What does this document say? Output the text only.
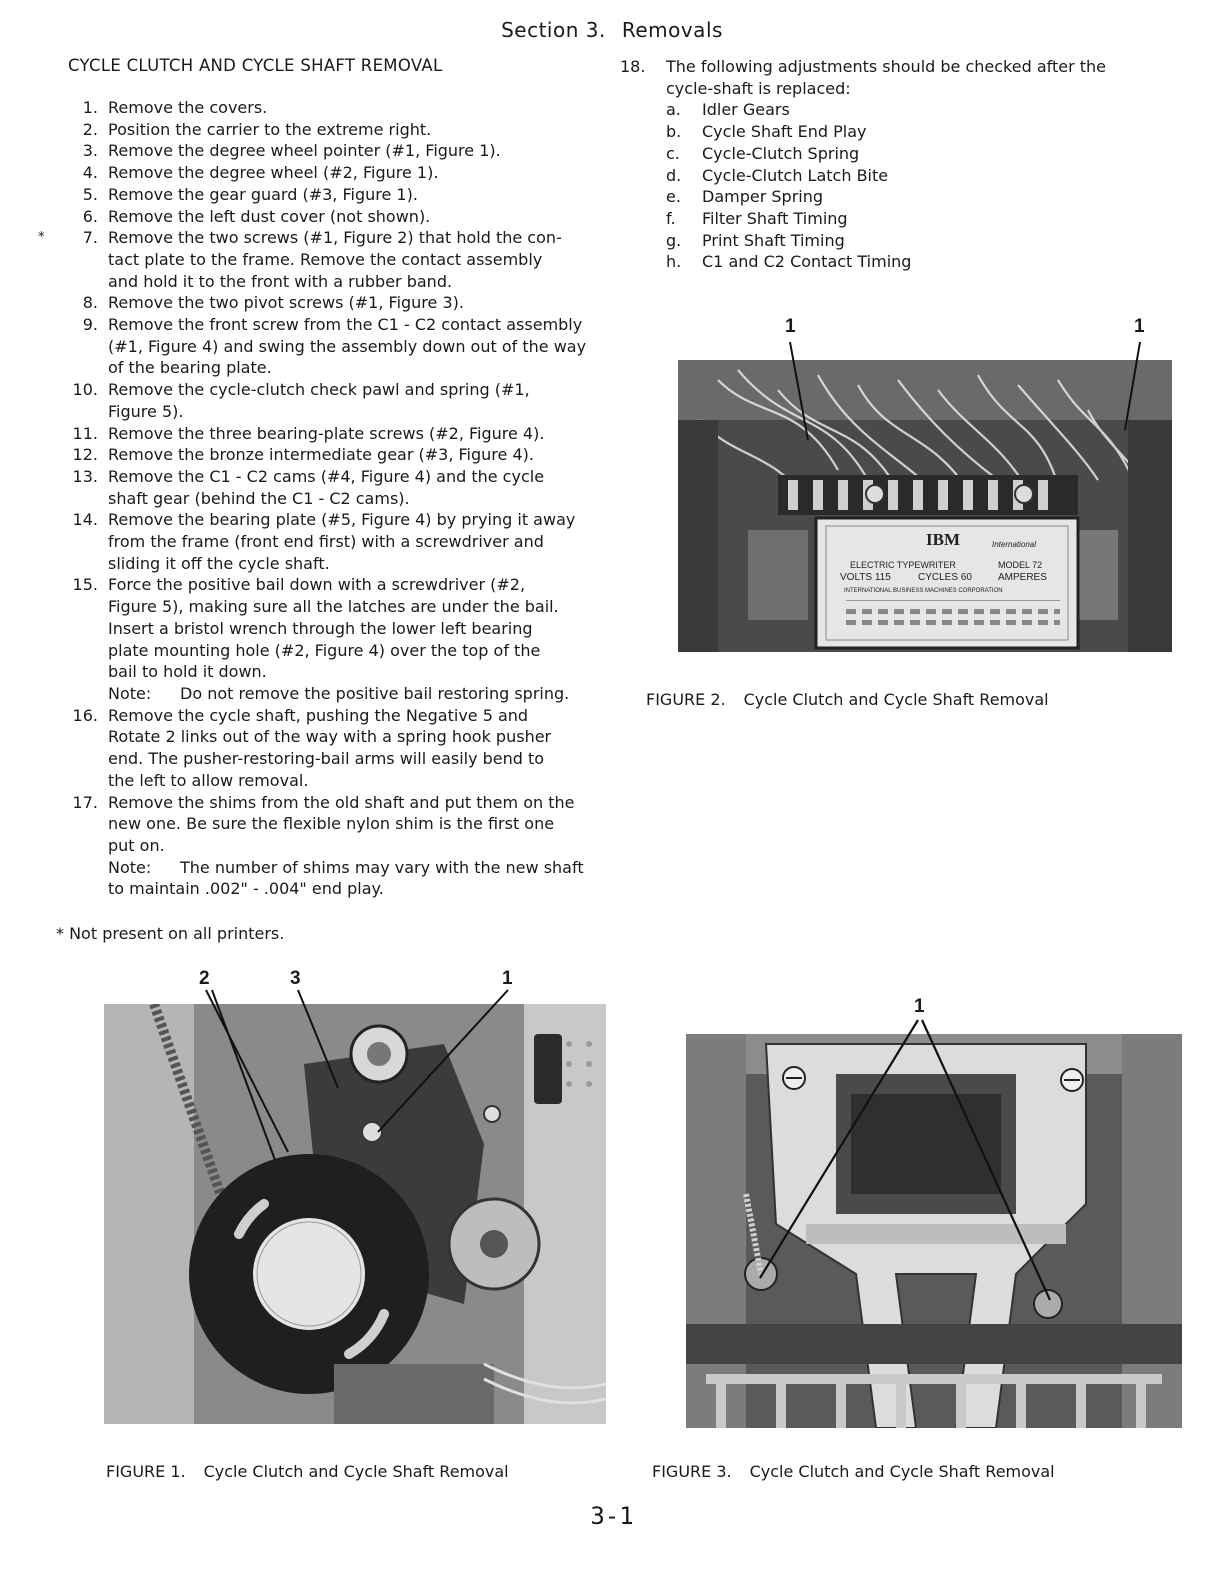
Section 3. Removals
CYCLE CLUTCH AND CYCLE SHAFT REMOVAL
1. Remove the covers.
2. Position the carrier to the extreme right.
3. Remove the degree wheel pointer (#1, Figure 1).
4. Remove the degree wheel (#2, Figure 1).
5. Remove the gear guard (#3, Figure 1).
6. Remove the left dust cover (not shown).
*	7. Remove the two screws (#1, Figure 2) that hold the con-
tact plate to the frame. Remove the contact assembly
and hold it to the front with a rubber band.
8. Remove the two pivot screws (#1, Figure 3).
9. Remove the front screw from the C1 - C2 contact assembly
(#1, Figure 4) and swing the assembly down out of the way
of the bearing plate.
10. Remove the cycle-clutch check pawl and spring (#1,
Figure 5).
11. Remove the three bearing-plate screws (#2, Figure 4).
12. Remove the bronze intermediate gear (#3, Figure 4).
13. Remove the C1 - C2 cams (#4, Figure 4) and the cycle
shaft gear (behind the C1 - C2 cams).
14. Remove the bearing plate (#5, Figure 4) by prying it away
from the frame (front end first) with a screwdriver and
sliding it off the cycle shaft.
15. Force the positive bail down with a screwdriver (#2,
Figure 5), making sure all the latches are under the bail.
Insert a bristol wrench through the lower left bearing
plate mounting hole (#2, Figure 4) over the top of the
bail to hold it down.
Note: Do not remove the positive bail restoring spring.
16. Remove the cycle shaft, pushing the Negative 5 and
Rotate 2 links out of the way with a spring hook pusher
end. The pusher-restoring-bail arms will easily bend to
the left to allow removal.
17. Remove the shims from the old shaft and put them on the
new one. Be sure the flexible nylon shim is the first one
put on.
Note: The number of shims may vary with the new shaft
to maintain .002" - .004" end play.
* Not present on all printers.
18. The following adjustments should be checked after the
cycle-shaft is replaced:
a. Idler Gears
b. Cycle Shaft End Play
c. Cycle-Clutch Spring
d. Cycle-Clutch Latch Bite
e. Damper Spring
f. Filter Shaft Timing
g. Print Shaft Timing
h. C1 and C2 Contact Timing
IBM	International
ELECTRIC TYPEWRITER	MODEL 72
VOLTS 115	CYCLES 60	AMPERES
INTERNATIONAL BUSINESS MACHINES CORPORATION
1	1
FIGURE 2. Cycle Clutch and Cycle Shaft Removal
2	3	1
FIGURE 1. Cycle Clutch and Cycle Shaft Removal
1
FIGURE 3. Cycle Clutch and Cycle Shaft Removal
3-1
